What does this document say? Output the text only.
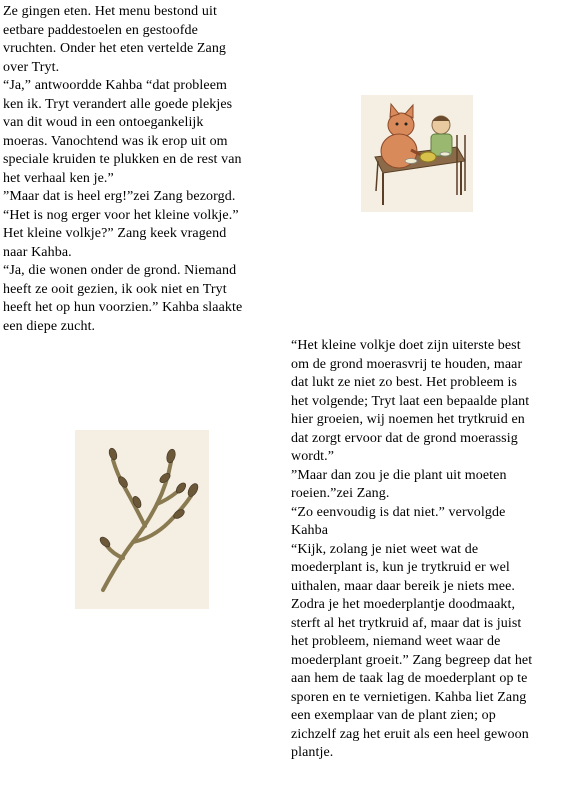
Ze gingen eten. Het menu bestond uit

eetbare paddestoelen en gestoofde

vruchten. Onder het eten vertelde Zang

over Tryt.

“Ja,” antwoordde Kahba “dat probleem

ken ik. Tryt verandert alle goede plekjes

van dit woud in een ontoegankelijk

moeras. Vanochtend was ik erop uit om

speciale kruiden te plukken en de rest van

het verhaal ken je.”

”Maar dat is heel erg!”zei Zang bezorgd.

“Het is nog erger voor het kleine volkje.”

Het kleine volkje?” Zang keek vragend

naar Kahba.

“Ja, die wonen onder de grond. Niemand

heeft ze ooit gezien, ik ook niet en Tryt

heeft het op hun voorzien.” Kahba slaakte

een diepe zucht.

“Het kleine volkje doet zijn uiterste best

om de grond moerasvrij te houden, maar

dat lukt ze niet zo best. Het probleem is

het volgende; Tryt laat een bepaalde plant

hier groeien, wij noemen het trytkruid en

dat zorgt ervoor dat de grond moerassig

wordt.”

”Maar dan zou je die plant uit moeten

roeien.”zei Zang.

“Zo eenvoudig is dat niet.” vervolgde

Kahba

“Kijk, zolang je niet weet wat de

moederplant is, kun je trytkruid er wel

uithalen, maar daar bereik je niets mee.

Zodra je het moederplantje doodmaakt,

sterft al het trytkruid af, maar dat is juist

het probleem, niemand weet waar de

moederplant groeit.” Zang begreep dat het

aan hem de taak lag de moederplant op te

sporen en te vernietigen. Kahba liet Zang

een exemplaar van de plant zien; op

zichzelf zag het eruit als een heel gewoon

plantje.
